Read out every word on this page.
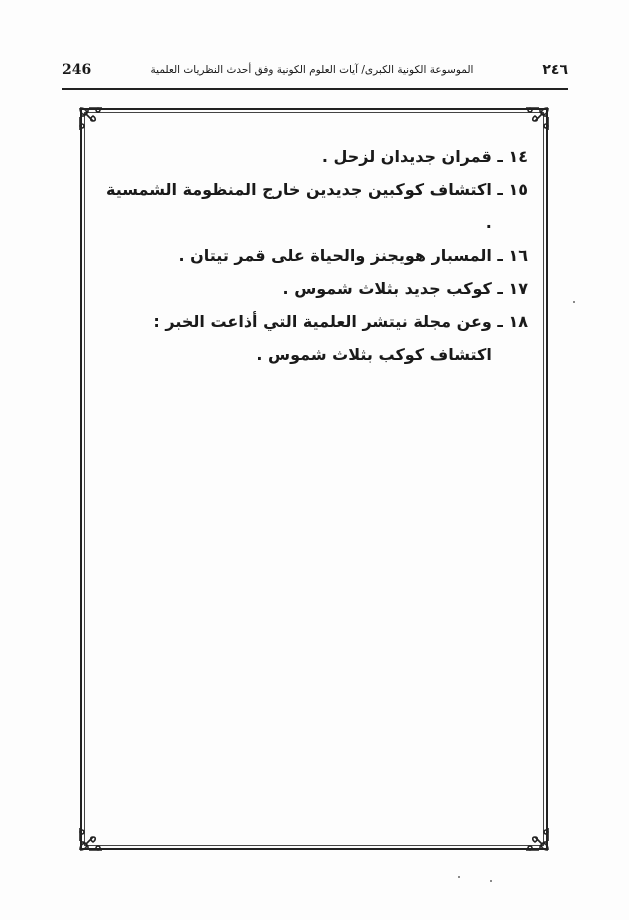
246	الموسوعة الكونية الكبرى/ آيات العلوم الكونية وفق أحدث النظريات العلمية	٢٤٦
١٤ ـ

قمران جديدان لزحل .
١٥ ـ

اكتشاف كوكبين جديدين خارج المنظومة الشمسية .
١٦ ـ

المسبار هويجنز والحياة على قمر تيتان .
١٧ ـ

كوكب جديد بثلاث شموس .
١٨ ـ

وعن مجلة نيتشر العلمية التي أذاعت الخبر : اكتشاف كوكب بثلاث شموس .
